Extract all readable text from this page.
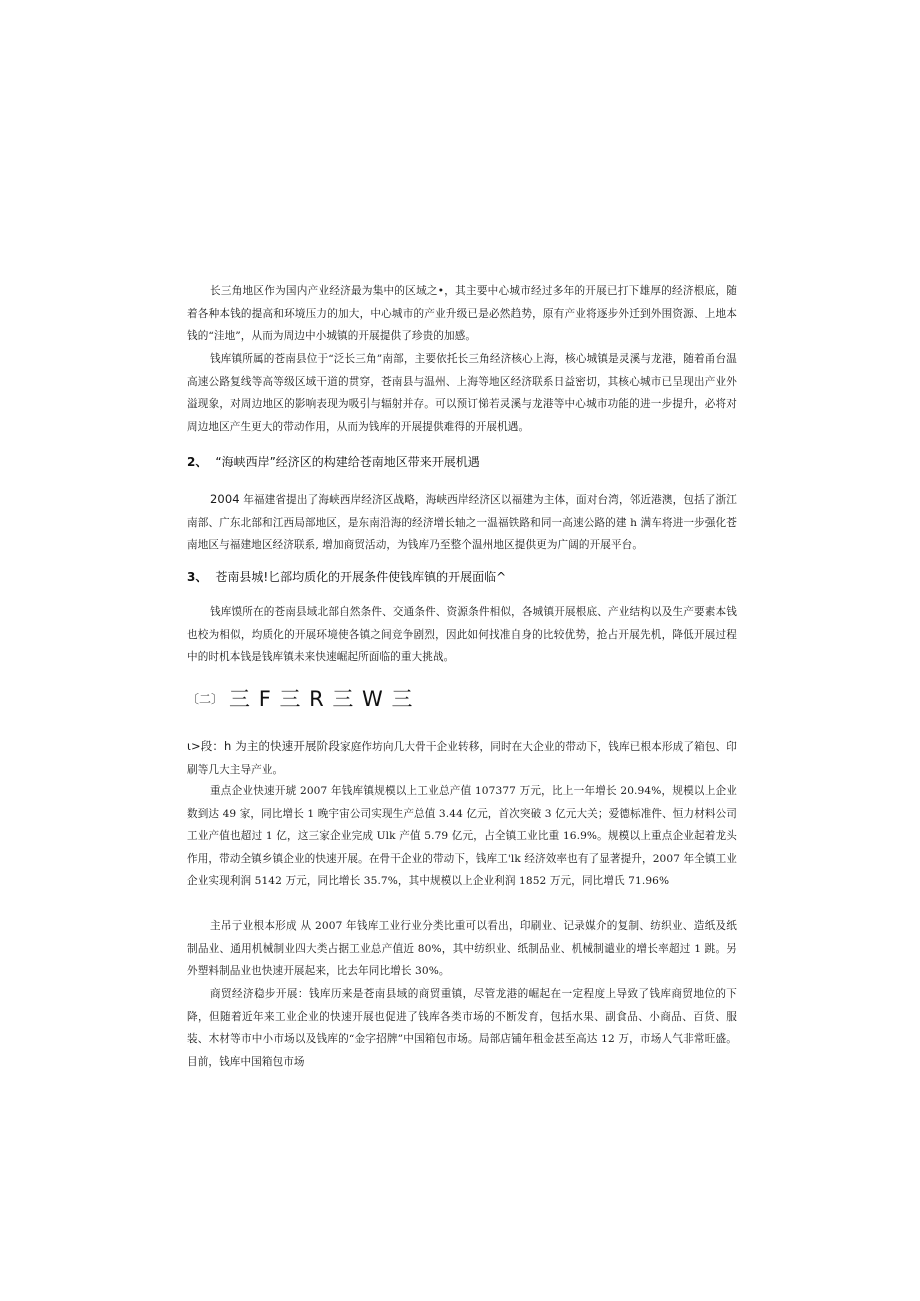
长三角地区作为国内产业经济最为集中的区域之•，其主要中心城市经过多年的开展已打下雄厚的经济根底，随着各种本钱的提高和环境压力的加大，中心城市的产业升级已是必然趋势，原有产业将逐步外迁到外围资源、上地本钱的“洼地”，从而为周边中小城镇的开展提供了珍贵的加感。

钱库镇所属的苍南县位于“泛长三角”南部，主要依托长三角经济核心上海，核心城镇是灵溪与龙港，随着甬台温高速公路复线等高等级区域干道的贯穿，苍南县与温州、上海等地区经济联系日益密切，其核心城市已呈现出产业外溢现象，对周边地区的影响表现为吸引与辐射并存。可以预订悌若灵溪与龙港等中心城市功能的进一步提升，必将对周边地区产生更大的带动作用，从而为钱库的开展提供难得的开展机遇。

2、 “海峡西岸”经济区的构建给苍南地区带来开展机遇

2004 年福建省提出了海峡西岸经济区战略，海峡西岸经济区以福建为主体，面对台湾，邻近港澳，包括了浙江南部、广东北部和江西局部地区，是东南沿海的经济增长轴之一温福铁路和同一高速公路的建 h 满车将进一步强化苍南地区与福建地区经济联系, 增加商贸活动，为钱库乃至整个温州地区提供更为广阔的开展平台。

3、 苍南县城!匕部均质化的开展条件使钱库镇的开展面临^

钱库馍所在的苍南县域北部自然条件、交通条件、资源条件相似，各城镇开展根底、产业结构以及生产要素本钱也校为相似，均质化的开展环境使各镇之间竞争剧烈，因此如何找准自身的比较优势，抢占开展先机，降低开展过程中的时机本钱是钱库镇未来快速崛起所面临的重大挑战。

〔二〕 三 F 三 R 三 W 三

ι>段：h 为主的快速开展阶段家庭作坊向几大骨干企业转移，同时在大企业的带动下，钱库已根本形成了箱包、印刷等几大主导产业。

重点企业快速开琥 2007 年钱库镇规模以上工业总产值 107377 万元，比上一年增长 20.94%，规模以上企业数到达 49 家，同比增长 1 晚宇宙公司实现生产总值 3.44 亿元，首次突破 3 亿元大关；爱德标准件、恒力材料公司工业产值也超过 1 亿，这三家企业完成 Ulk 产值 5.79 亿元，占全镇工业比重 16.9%。规模以上重点企业起着龙头作用，带动全镇乡镇企业的快速开展。在骨干企业的带动下，钱库工'lk 经济效率也有了显著提升，2007 年全镇工业企业实现利润 5142 万元，同比增长 35.7%，其中规模以上企业利润 1852 万元，同比增氏 71.96%

主吊亍业根本形成 从 2007 年钱库工业行业分类比重可以看出，印刷业、记录媒介的复制、纺织业、造纸及纸制品业、通用机械制业四大类占据工业总产值近 80%，其中纺织业、纸制品业、机械制谴业的增长率超过 1 跳。另外塑料制品业也快速开展起来，比去年同比增长 30%。

商贸经济稳步开展：钱库历来是苍南县域的商贸重镇，尽管龙港的崛起在一定程度上导致了钱库商贸地位的下降，但随着近年来工业企业的快速开展也促进了钱库各类市场的不断发育，包括水果、副食品、小商品、百货、服装、木材等市中小市场以及钱库的“金字招牌”中国箱包市场。局部店铺年租金甚至高达 12 万，市场人气非常旺盛。目前，钱库中国箱包市场
